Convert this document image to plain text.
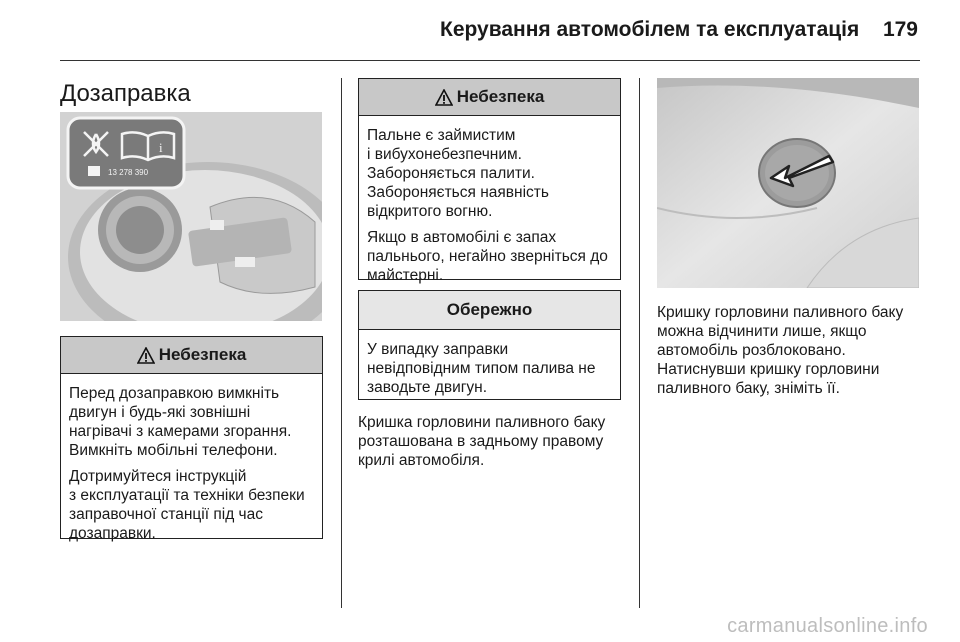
Керування автомобілем та експлуатація 179
Дозаправка
i
13 278 390
Небезпека

Перед дозаправкою вимкніть
двигун і будь-які зовнішні
нагрівачі з камерами згорання.
Вимкніть мобільні телефони.

Дотримуйтеся інструкцій
з експлуатації та техніки безпеки
заправочної станції під час
дозаправки.

Небезпека

Пальне є займистим
і вибухонебезпечним.
Забороняється палити.
Забороняється наявність
відкритого вогню.

Якщо в автомобілі є запах
пальнього, негайно зверніться до
майстерні.

Обережно

У випадку заправки
невідповідним типом палива не
заводьте двигун.

Кришка горловини паливного баку
розташована в задньому правому
крилі автомобіля.

Кришку горловини паливного баку
можна відчинити лише, якщо
автомобіль розблоковано.
Натиснувши кришку горловини
паливного баку, зніміть її.

carmanualsonline.info
